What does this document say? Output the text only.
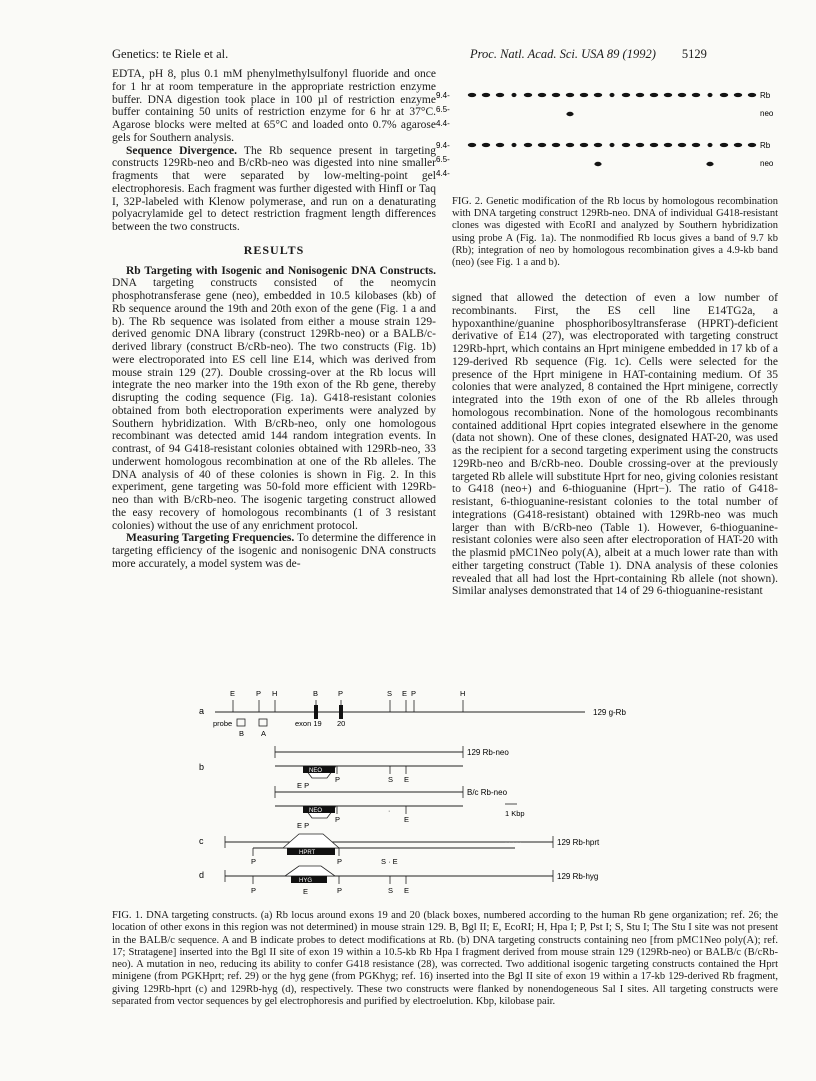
Genetics: te Riele et al.	Proc. Natl. Acad. Sci. USA 89 (1992) 5129

EDTA, pH 8, plus 0.1 mM phenylmethylsulfonyl fluoride and once for 1 hr at room temperature in the appropriate restriction enzyme buffer. DNA digestion took place in 100 µl of restriction enzyme buffer containing 50 units of restriction enzyme for 6 hr at 37°C. Agarose blocks were melted at 65°C and loaded onto 0.7% agarose gels for Southern analysis.

Sequence Divergence. The Rb sequence present in targeting constructs 129Rb-neo and B/cRb-neo was digested into nine smaller fragments that were separated by low-melting-point gel electrophoresis. Each fragment was further digested with HinfI or Taq I, 32P-labeled with Klenow polymerase, and run on a denaturating polyacrylamide gel to detect restriction fragment length differences between the two constructs.

RESULTS

Rb Targeting with Isogenic and Nonisogenic DNA Constructs. DNA targeting constructs consisted of the neomycin phosphotransferase gene (neo), embedded in 10.5 kilobases (kb) of Rb sequence around the 19th and 20th exon of the gene (Fig. 1 a and b). The Rb sequence was isolated from either a mouse strain 129-derived genomic DNA library (construct 129Rb-neo) or a BALB/c-derived library (construct B/cRb-neo). The two constructs (Fig. 1b) were electroporated into ES cell line E14, which was derived from mouse strain 129 (27). Double crossing-over at the Rb locus will integrate the neo marker into the 19th exon of the Rb gene, thereby disrupting the coding sequence (Fig. 1a). G418-resistant colonies obtained from both electroporation experiments were analyzed by Southern hybridization. With B/cRb-neo, only one homologous recombinant was detected amid 144 random integration events. In contrast, of 94 G418-resistant colonies obtained with 129Rb-neo, 33 underwent homologous recombination at one of the Rb alleles. The DNA analysis of 40 of these colonies is shown in Fig. 2. In this experiment, gene targeting was 50-fold more efficient with 129Rb-neo than with B/cRb-neo. The isogenic targeting construct allowed the easy recovery of homologous recombinants (1 of 3 resistant colonies) without the use of any enrichment protocol.

Measuring Targeting Frequencies. To determine the difference in targeting efficiency of the isogenic and nonisogenic DNA constructs more accurately, a model system was de-

9.4-
6.5-
4.4-
Rb
neo
9.4-
6.5-
4.4-
Rb
neo
FIG. 2. Genetic modification of the Rb locus by homologous recombination with DNA targeting construct 129Rb-neo. DNA of individual G418-resistant clones was digested with EcoRI and analyzed by Southern hybridization using probe A (Fig. 1a). The nonmodified Rb locus gives a band of 9.7 kb (Rb); integration of neo by homologous recombination gives a 4.9-kb band (neo) (see Fig. 1 a and b).

signed that allowed the detection of even a low number of recombinants. First, the ES cell line E14TG2a, a hypoxanthine/guanine phosphoribosyltransferase (HPRT)-deficient derivative of E14 (27), was electroporated with targeting construct 129Rb-hprt, which contains an Hprt minigene embedded in 17 kb of a 129-derived Rb sequence (Fig. 1c). Cells were selected for the presence of the Hprt minigene in HAT-containing medium. Of 35 colonies that were analyzed, 8 contained the Hprt minigene, correctly integrated into the 19th exon of one of the Rb alleles through homologous recombination. None of the homologous recombinants contained additional Hprt copies integrated elsewhere in the genome (data not shown). One of these clones, designated HAT-20, was used as the recipient for a second targeting experiment using the constructs 129Rb-neo and B/cRb-neo. Double crossing-over at the previously targeted Rb allele will substitute Hprt for neo, giving colonies resistant to G418 (neo+) and 6-thioguanine (Hprt−). The ratio of G418-resistant, 6-thioguanine-resistant colonies to the total number of integrations (G418-resistant) obtained with 129Rb-neo was much larger than with B/cRb-neo (Table 1). However, 6-thioguanine-resistant colonies were also seen after electroporation of HAT-20 with the plasmid pMC1Neo poly(A), albeit at a much lower rate than with either targeting construct (Table 1). DNA analysis of these colonies revealed that all had lost the Hprt-containing Rb allele (not shown). Similar analyses demonstrated that 14 of 29 6-thioguanine-resistant

a	129 g-Rb
E	P H	B	P	S E P	H
probe
B A
exon 19 20
b
129 Rb-neo
NEO
E P
P	S E
B/c Rb-neo
NEO	·
E P
P	E
1 Kbp
c	129 Rb-hprt
HPRT
P	P	S · E
· · · · ·
d	129 Rb-hyg
HYG
P	P	S E
E
FIG. 1. DNA targeting constructs. (a) Rb locus around exons 19 and 20 (black boxes, numbered according to the human Rb gene organization; ref. 26; the location of other exons in this region was not determined) in mouse strain 129. B, Bgl II; E, EcoRI; H, Hpa I; P, Pst I; S, Stu I; The Stu I site was not present in the BALB/c sequence. A and B indicate probes to detect modifications at Rb. (b) DNA targeting constructs containing neo [from pMC1Neo poly(A); ref. 17; Stratagene] inserted into the Bgl II site of exon 19 within a 10.5-kb Rb Hpa I fragment derived from mouse strain 129 (129Rb-neo) or BALB/c (B/cRb-neo). A mutation in neo, reducing its ability to confer G418 resistance (28), was corrected. Two additional isogenic targeting constructs contained the Hprt minigene (from PGKHprt; ref. 29) or the hyg gene (from PGKhyg; ref. 16) inserted into the Bgl II site of exon 19 within a 17-kb 129-derived Rb fragment, giving 129Rb-hprt (c) and 129Rb-hyg (d), respectively. These two constructs were flanked by nonendogeneous Sal I sites. All targeting constructs were separated from vector sequences by gel electrophoresis and purified by electroelution. Kbp, kilobase pair.
